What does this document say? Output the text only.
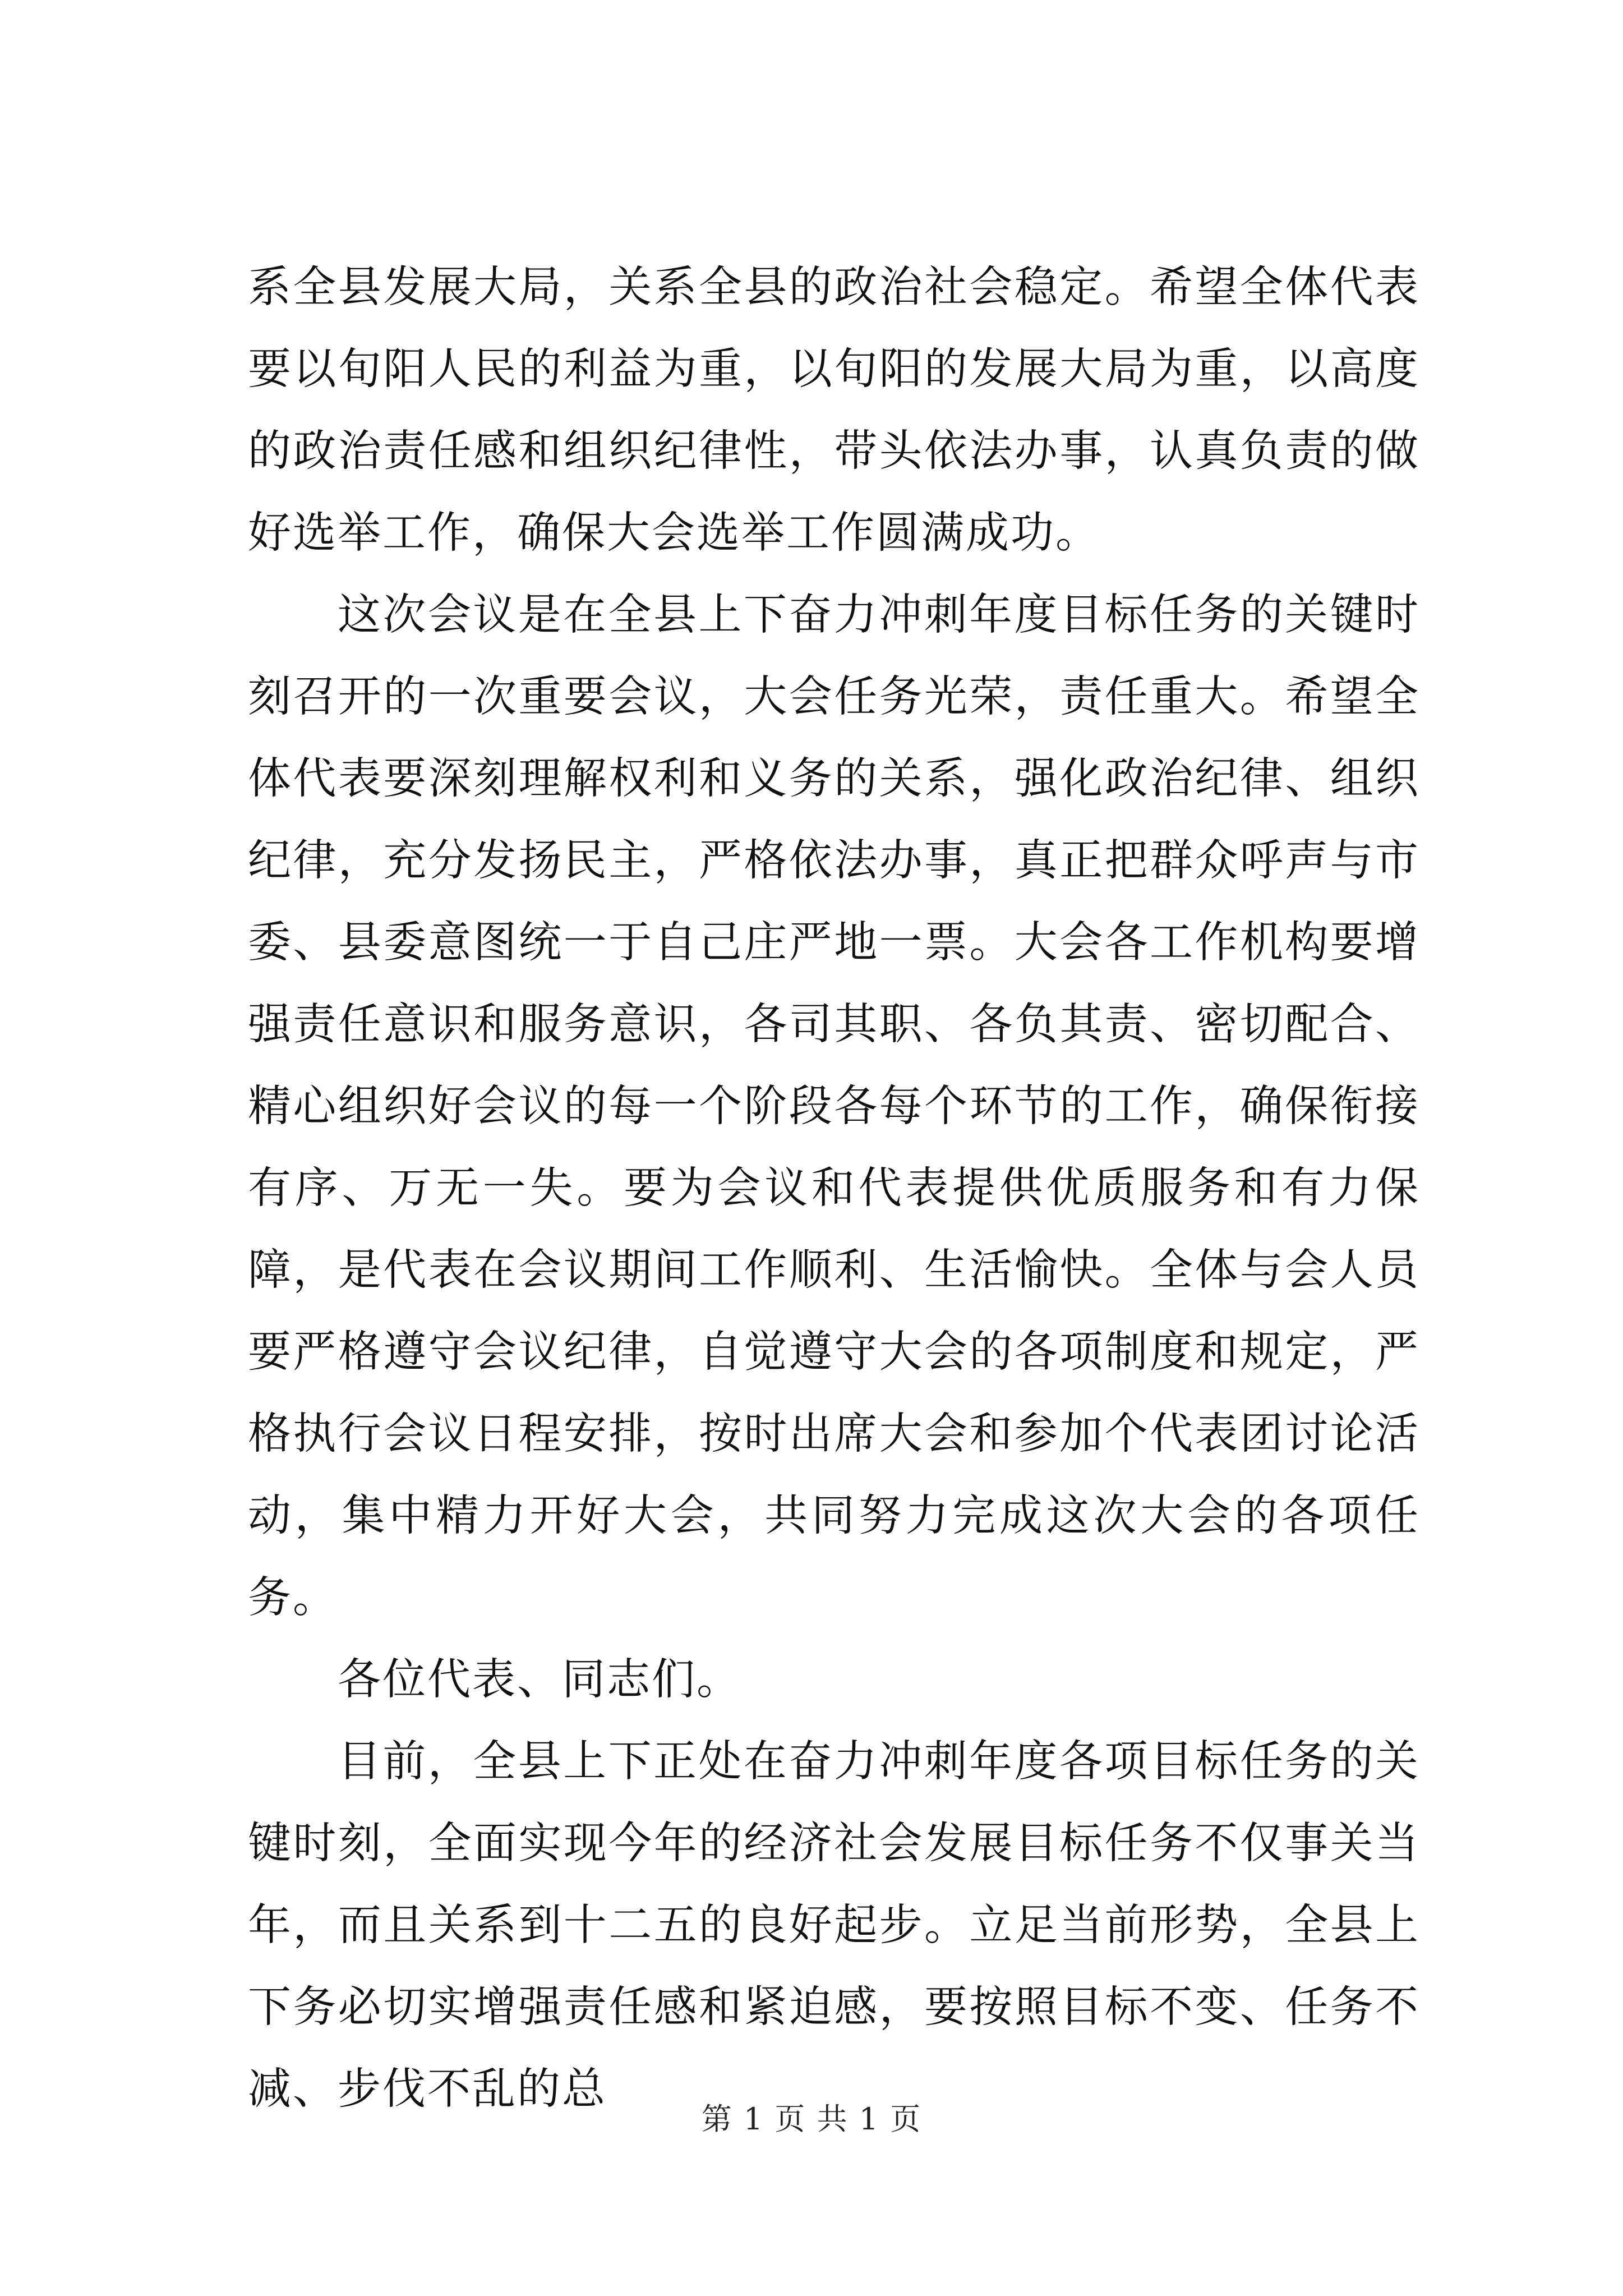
系全县发展大局，关系全县的政治社会稳定。希望全体代表要以旬阳人民的利益为重，以旬阳的发展大局为重，以高度的政治责任感和组织纪律性，带头依法办事，认真负责的做好选举工作，确保大会选举工作圆满成功。

这次会议是在全县上下奋力冲刺年度目标任务的关键时刻召开的一次重要会议，大会任务光荣，责任重大。希望全体代表要深刻理解权利和义务的关系，强化政治纪律、组织纪律，充分发扬民主，严格依法办事，真正把群众呼声与市委、县委意图统一于自己庄严地一票。大会各工作机构要增强责任意识和服务意识，各司其职、各负其责、密切配合、精心组织好会议的每一个阶段各每个环节的工作，确保衔接有序、万无一失。要为会议和代表提供优质服务和有力保障，是代表在会议期间工作顺利、生活愉快。全体与会人员要严格遵守会议纪律，自觉遵守大会的各项制度和规定，严格执行会议日程安排，按时出席大会和参加个代表团讨论活动，集中精力开好大会，共同努力完成这次大会的各项任务。

各位代表、同志们。

目前，全县上下正处在奋力冲刺年度各项目标任务的关键时刻，全面实现今年的经济社会发展目标任务不仅事关当年，而且关系到十二五的良好起步。立足当前形势，全县上下务必切实增强责任感和紧迫感，要按照目标不变、任务不减、步伐不乱的总

第 1 页 共 1 页
